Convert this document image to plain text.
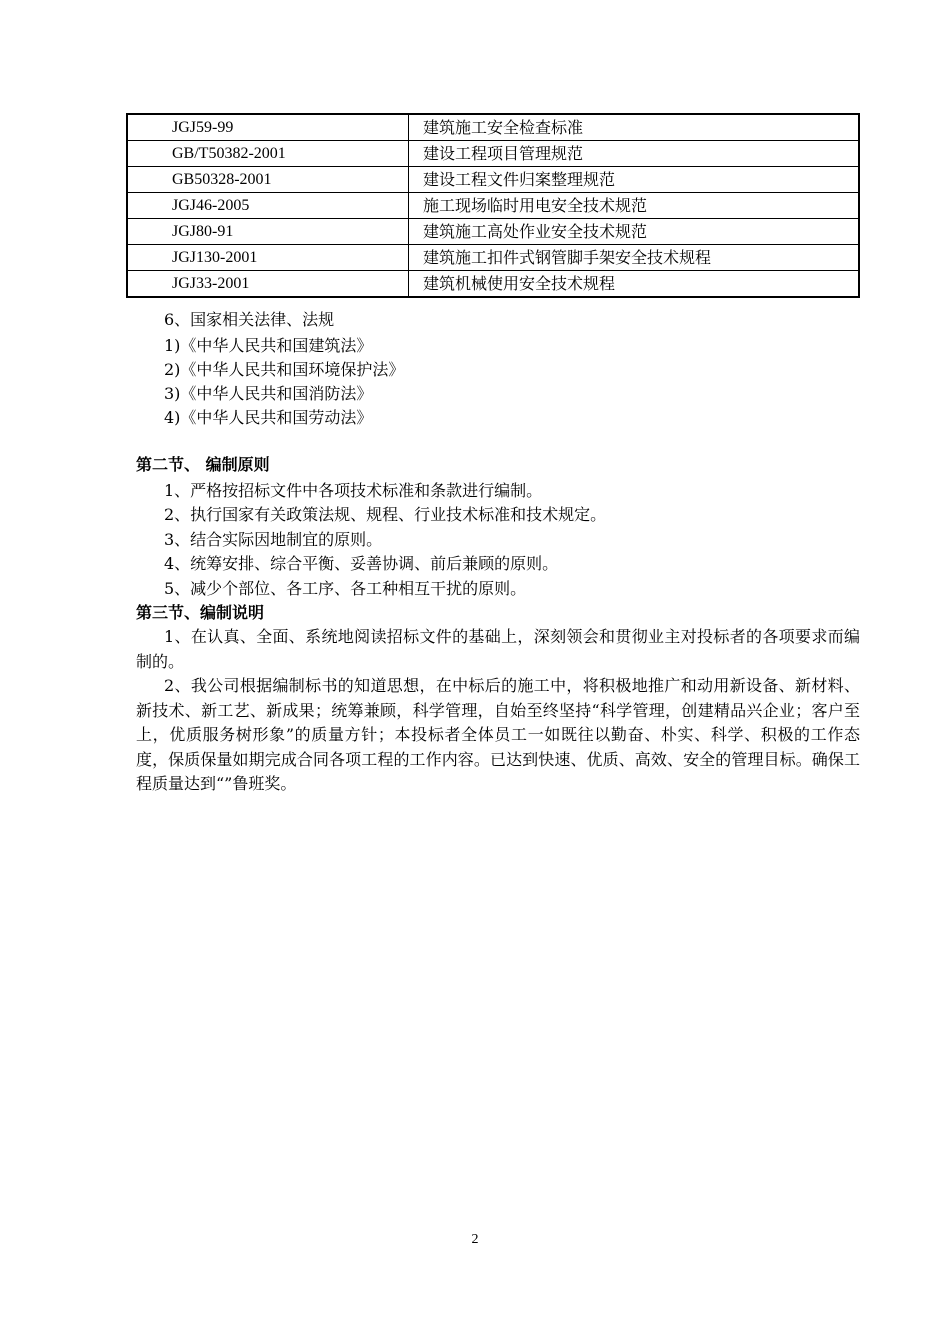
JGJ59-99	建筑施工安全检查标准
GB/T50382-2001	建设工程项目管理规范
GB50328-2001	建设工程文件归案整理规范
JGJ46-2005	施工现场临时用电安全技术规范
JGJ80-91	建筑施工高处作业安全技术规范
JGJ130-2001	建筑施工扣件式钢管脚手架安全技术规程
JGJ33-2001	建筑机械使用安全技术规程
6、国家相关法律、法规
1)《中华人民共和国建筑法》
2)《中华人民共和国环境保护法》
3)《中华人民共和国消防法》
4)《中华人民共和国劳动法》
第二节、 编制原则
1、严格按招标文件中各项技术标准和条款进行编制。
2、执行国家有关政策法规、规程、行业技术标准和技术规定。
3、结合实际因地制宜的原则。
4、统筹安排、综合平衡、妥善协调、前后兼顾的原则。
5、减少个部位、各工序、各工种相互干扰的原则。
第三节、编制说明
1、在认真、全面、系统地阅读招标文件的基础上，深刻领会和贯彻业主对投标者的各项要求而编制的。
2、我公司根据编制标书的知道思想，在中标后的施工中，将积极地推广和动用新设备、新材料、新技术、新工艺、新成果；统筹兼顾，科学管理，自始至终坚持“科学管理，创建精品兴企业；客户至上，优质服务树形象”的质量方针；本投标者全体员工一如既往以勤奋、朴实、科学、积极的工作态度，保质保量如期完成合同各项工程的工作内容。已达到快速、优质、高效、安全的管理目标。确保工程质量达到“”鲁班奖。
2
